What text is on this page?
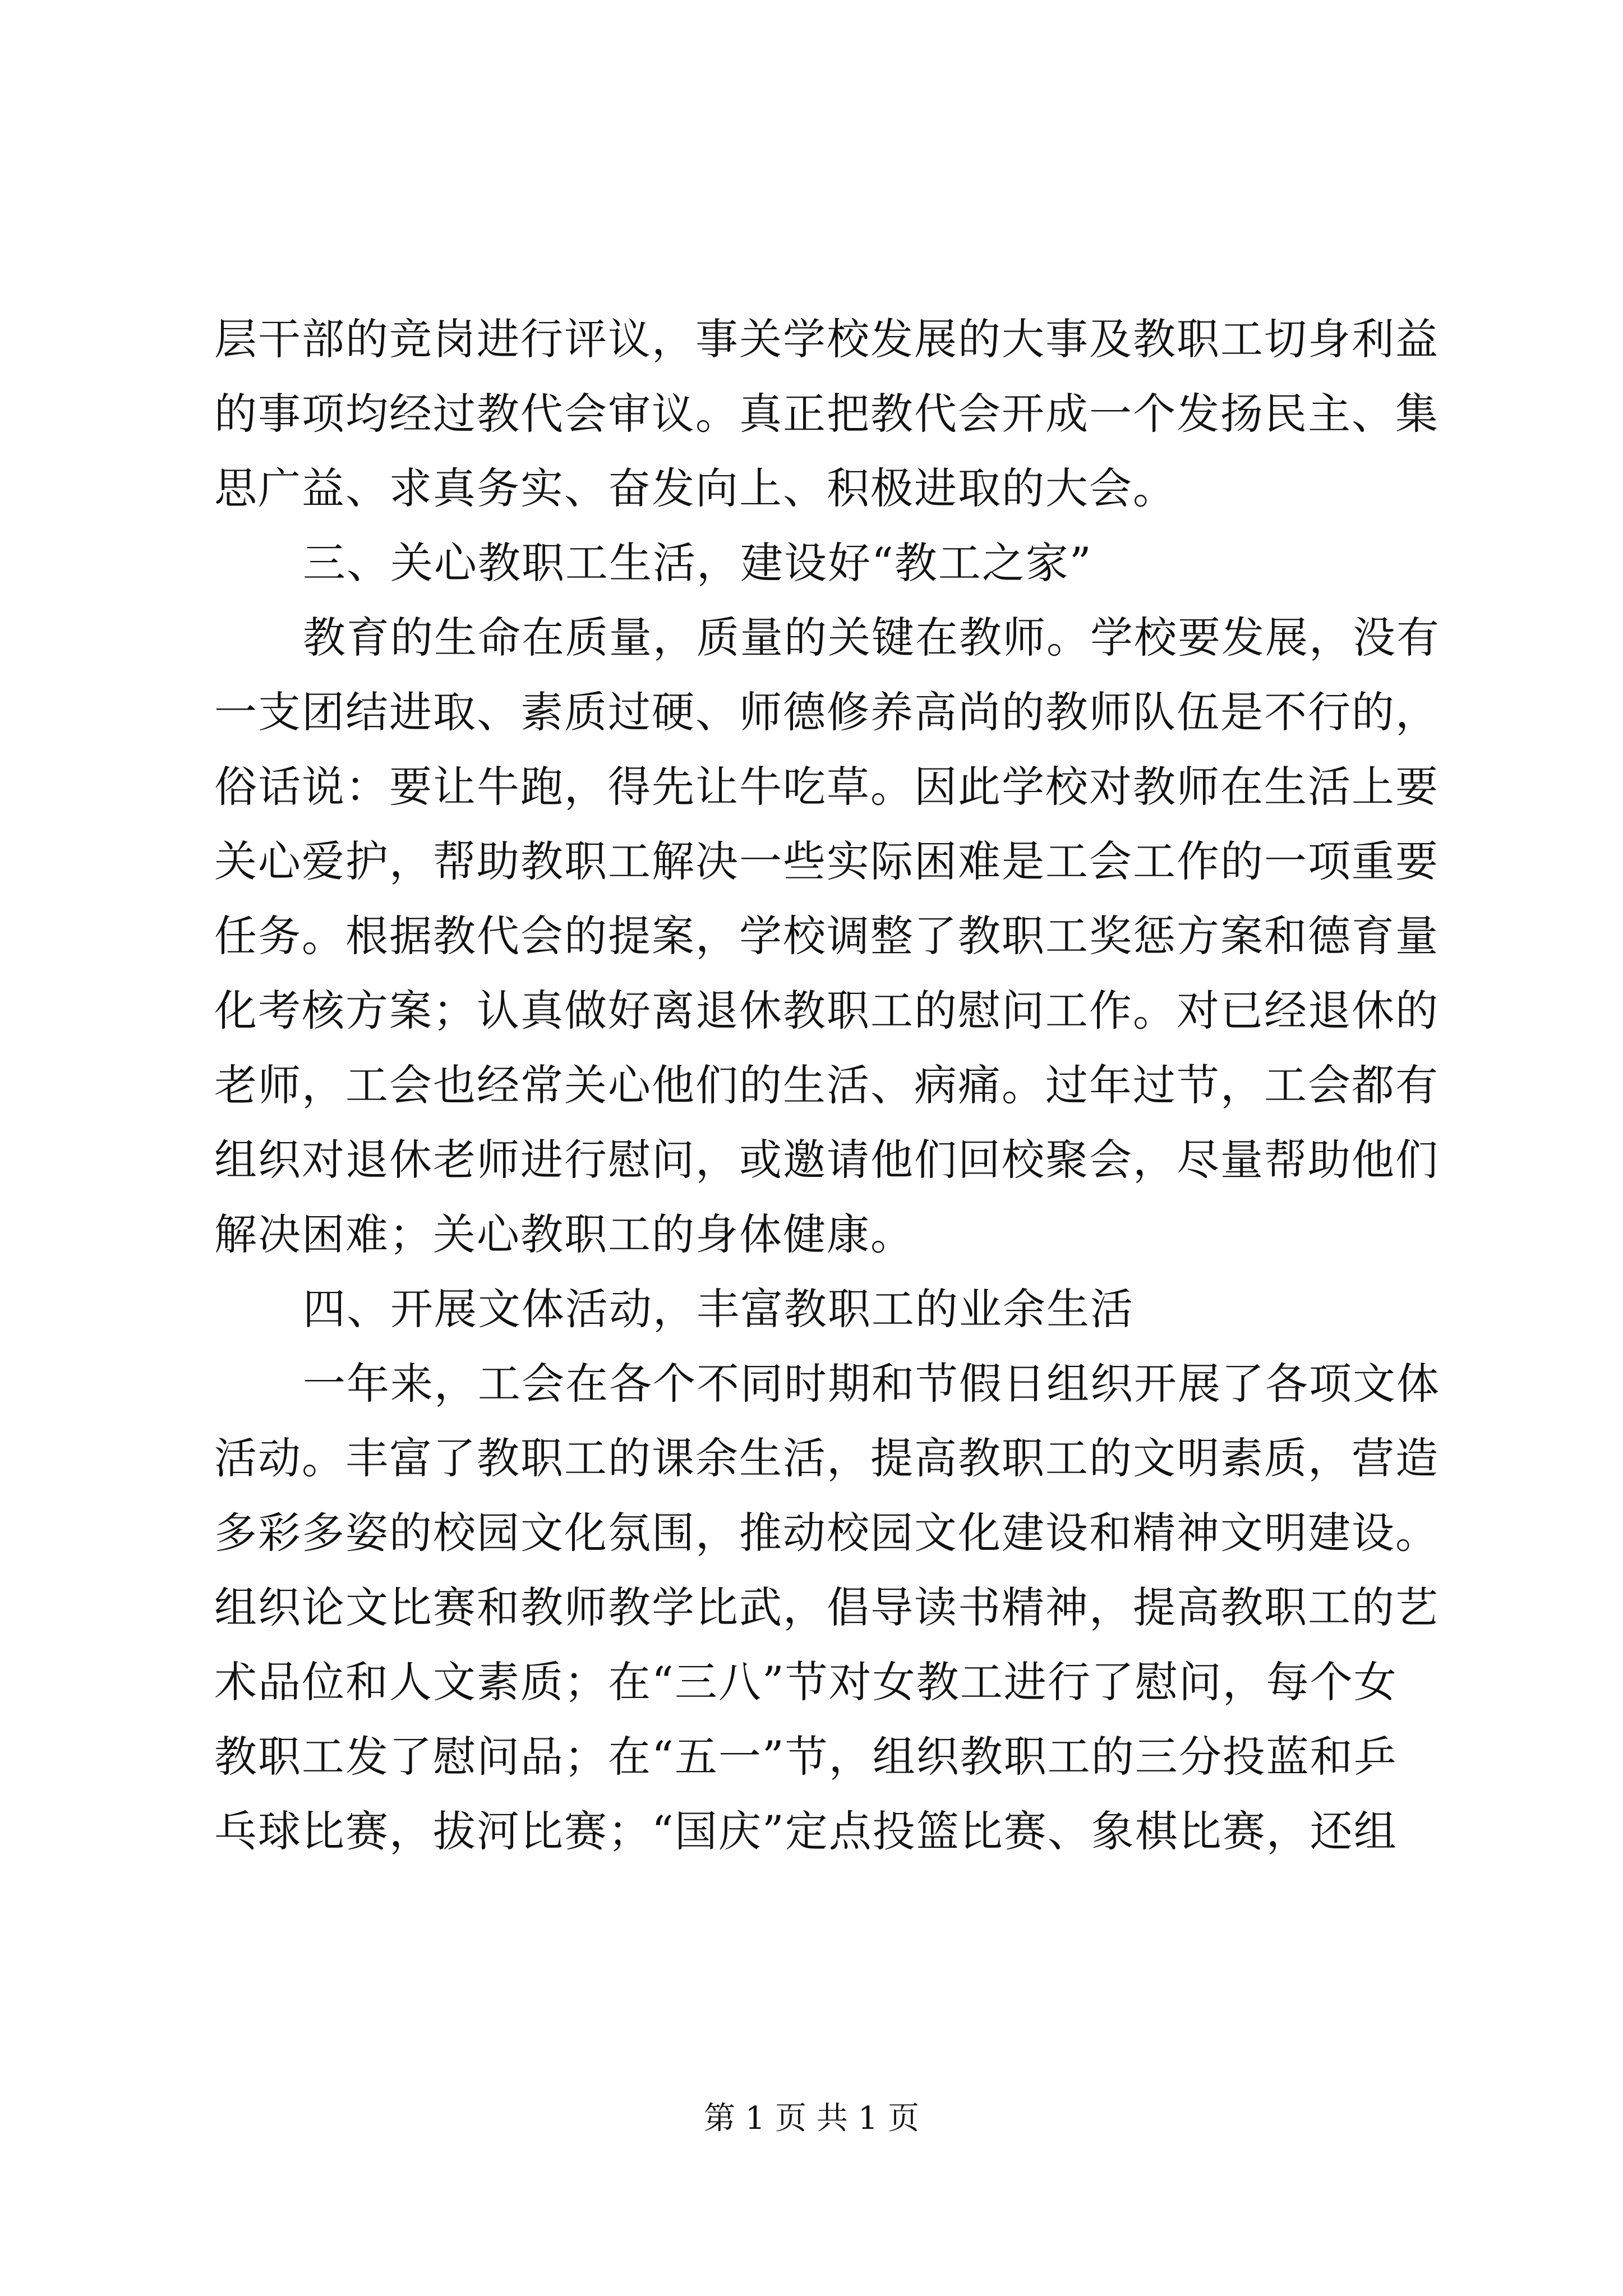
层干部的竞岗进行评议，事关学校发展的大事及教职工切身利益
的事项均经过教代会审议。真正把教代会开成一个发扬民主、集
思广益、求真务实、奋发向上、积极进取的大会。
三、关心教职工生活，建设好“教工之家”
教育的生命在质量，质量的关键在教师。学校要发展，没有
一支团结进取、素质过硬、师德修养高尚的教师队伍是不行的，
俗话说：要让牛跑，得先让牛吃草。因此学校对教师在生活上要
关心爱护，帮助教职工解决一些实际困难是工会工作的一项重要
任务。根据教代会的提案，学校调整了教职工奖惩方案和德育量
化考核方案；认真做好离退休教职工的慰问工作。对已经退休的
老师，工会也经常关心他们的生活、病痛。过年过节，工会都有
组织对退休老师进行慰问，或邀请他们回校聚会，尽量帮助他们
解决困难；关心教职工的身体健康。
四、开展文体活动，丰富教职工的业余生活
一年来，工会在各个不同时期和节假日组织开展了各项文体
活动。丰富了教职工的课余生活，提高教职工的文明素质，营造
多彩多姿的校园文化氛围，推动校园文化建设和精神文明建设。
组织论文比赛和教师教学比武，倡导读书精神，提高教职工的艺
术品位和人文素质；在“三八”节对女教工进行了慰问，每个女
教职工发了慰问品；在“五一”节，组织教职工的三分投蓝和乒
乓球比赛，拔河比赛；“国庆”定点投篮比赛、象棋比赛，还组
第 1 页 共 1 页
